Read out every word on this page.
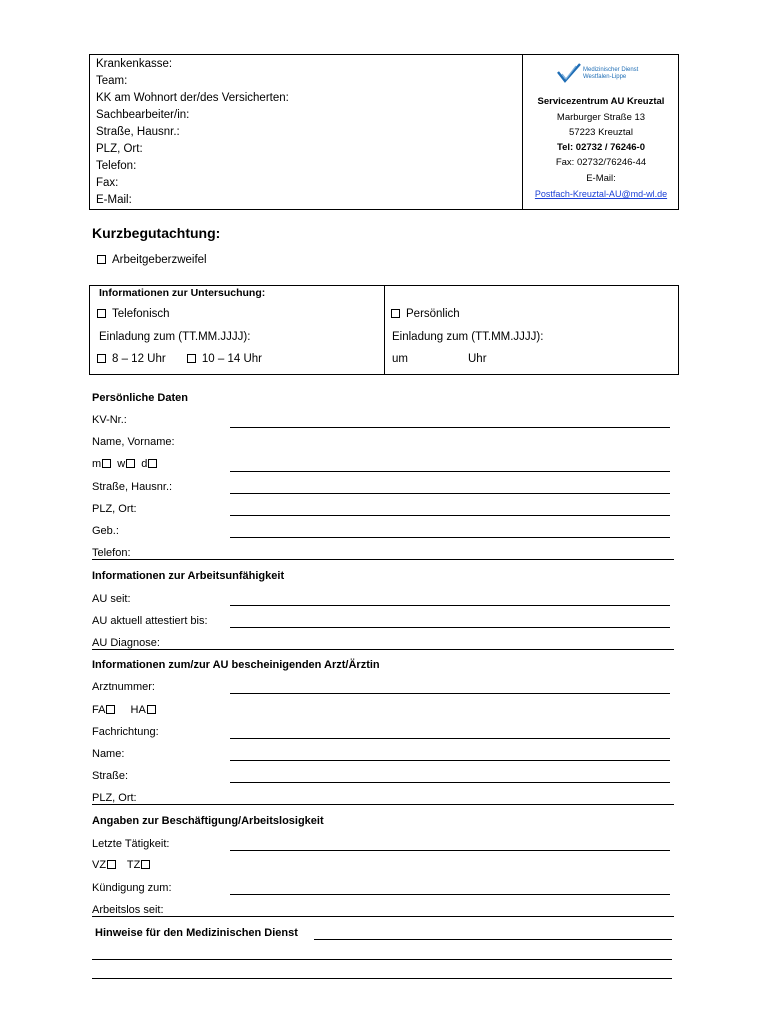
Krankenkasse:
Team:
KK am Wohnort der/des Versicherten:
Sachbearbeiter/in:
Straße, Hausnr.:
PLZ, Ort:
Telefon:
Fax:
E-Mail:
Medizinischer Dienst
Westfalen-Lippe
Servicezentrum AU Kreuztal
Marburger Straße 13
57223 Kreuztal
Tel: 02732 / 76246-0
Fax: 02732/76246-44
E-Mail:
Postfach-Kreuztal-AU@md-wl.de
Kurzbegutachtung:
Arbeitgeberzweifel
Informationen zur Untersuchung:
Telefonisch
Einladung zum (TT.MM.JJJJ):
8 – 12 Uhr	10 – 14 Uhr
Persönlich
Einladung zum (TT.MM.JJJJ):
um	Uhr
Persönliche Daten
KV-Nr.:
Name, Vorname:
m w d
Straße, Hausnr.:
PLZ, Ort:
Geb.:
Telefon:
Informationen zur Arbeitsunfähigkeit
AU seit:
AU aktuell attestiert bis:
AU Diagnose:
Informationen zum/zur AU bescheinigenden Arzt/Ärztin
Arztnummer:
FA HA
Fachrichtung:
Name:
Straße:
PLZ, Ort:
Angaben zur Beschäftigung/Arbeitslosigkeit
Letzte Tätigkeit:
VZ TZ
Kündigung zum:
Arbeitslos seit:
Hinweise für den Medizinischen Dienst
